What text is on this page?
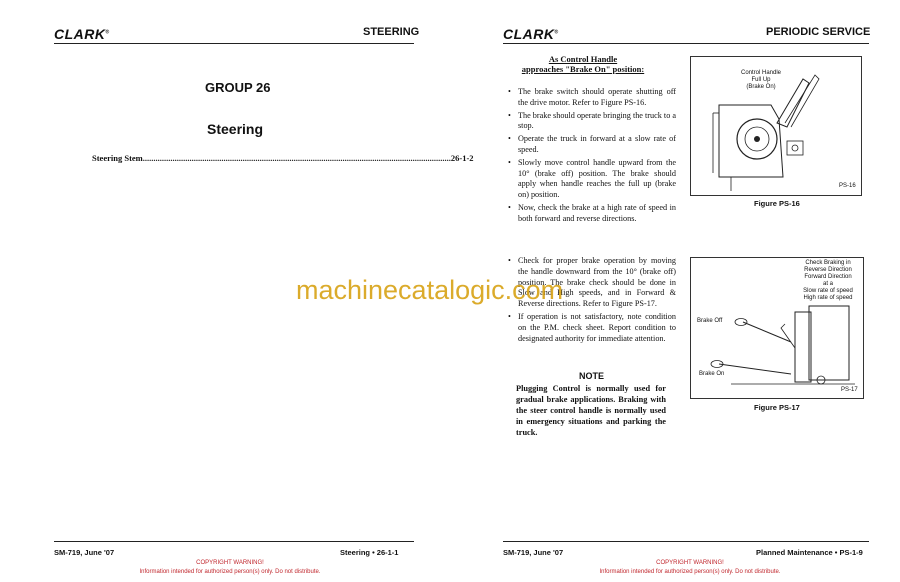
CLARK®	STEERING
GROUP 26
Steering
Steering Stem ................................................................................................................................................. 26-1-2
SM-719, June '07	Steering • 26-1-1
COPYRIGHT WARNING!
Information intended for authorized person(s) only. Do not distribute.
CLARK®	PERIODIC SERVICE
SM-719, June '07	Planned Maintenance • PS-1-9
COPYRIGHT WARNING!
Information intended for authorized person(s) only. Do not distribute.
As Control Handle
approaches "Brake On" position:
• The brake switch should operate shutting off the drive motor. Refer to Figure PS-16.
• The brake should operate bringing the truck to a stop.
• Operate the truck in forward at a slow rate of speed.
• Slowly move control handle upward from the 10° (brake off) position. The brake should apply when handle reaches the full up (brake on) position.
• Now, check the brake at a high rate of speed in both forward and reverse directions.
• Check for proper brake operation by moving the handle downward from the 10° (brake off) position. The brake check should be done in Slow and High speeds, and in Forward & Reverse directions. Refer to Figure PS-17.
• If operation is not satisfactory, note condition on the P.M. check sheet. Report condition to designated authority for immediate attention.
NOTE
Plugging Control is normally used for gradual brake applications. Braking with the steer control handle is normally used in emergency situations and parking the truck.
Control Handle
Full Up
(Brake On)
PS-16
Figure PS-16
Check Braking in
Reverse Direction
Forward Direction
at a
Slow rate of speed
High rate of speed
Brake Off
Brake On
PS-17
Figure PS-17
machinecatalogic.com
